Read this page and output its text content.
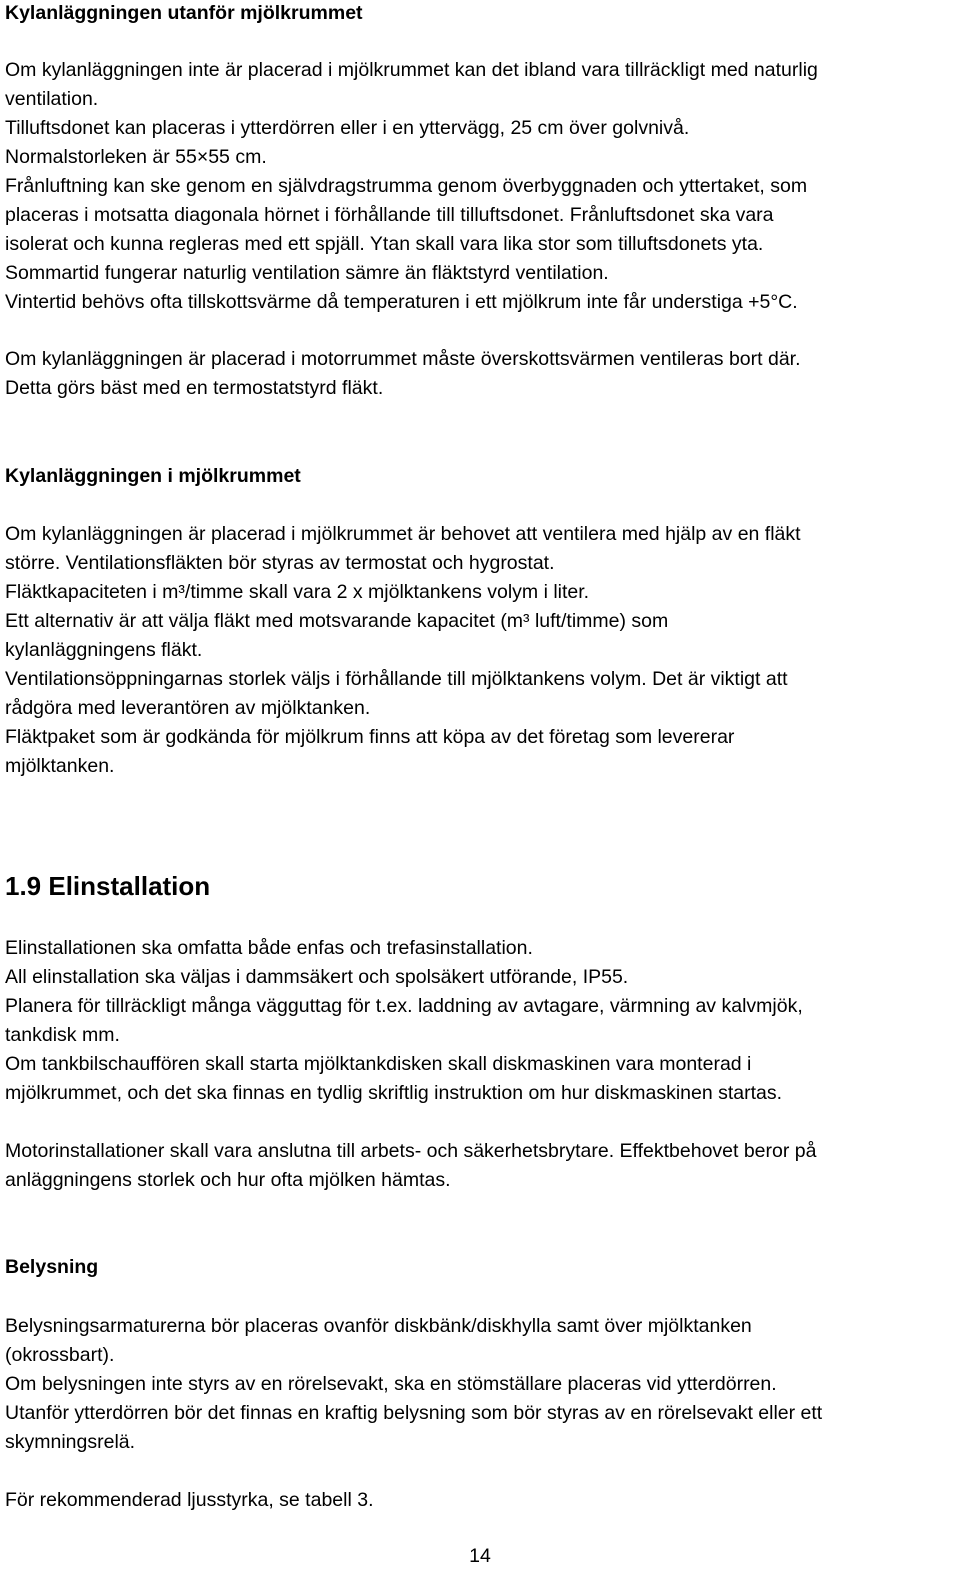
Kylanläggningen utanför mjölkrummet
Om kylanläggningen inte är placerad i mjölkrummet kan det ibland vara tillräckligt med naturlig
ventilation.
Tilluftsdonet kan placeras i ytterdörren eller i en yttervägg, 25 cm över golvnivå.
Normalstorleken är 55×55 cm.
Frånluftning kan ske genom en självdragstrumma genom överbyggnaden och yttertaket, som
placeras i motsatta diagonala hörnet i förhållande till tilluftsdonet. Frånluftsdonet ska vara
isolerat och kunna regleras med ett spjäll. Ytan skall vara lika stor som tilluftsdonets yta.
Sommartid fungerar naturlig ventilation sämre än fläktstyrd ventilation.
Vintertid behövs ofta tillskottsvärme då temperaturen i ett mjölkrum inte får understiga +5°C.
Om kylanläggningen är placerad i motorrummet måste överskottsvärmen ventileras bort där.
Detta görs bäst med en termostatstyrd fläkt.
Kylanläggningen i mjölkrummet
Om kylanläggningen är placerad i mjölkrummet är behovet att ventilera med hjälp av en fläkt
större. Ventilationsfläkten bör styras av termostat och hygrostat.
Fläktkapaciteten i m³/timme skall vara 2 x mjölktankens volym i liter.
Ett alternativ är att välja fläkt med motsvarande kapacitet (m³ luft/timme) som
kylanläggningens fläkt.
Ventilationsöppningarnas storlek väljs i förhållande till mjölktankens volym. Det är viktigt att
rådgöra med leverantören av mjölktanken.
Fläktpaket som är godkända för mjölkrum finns att köpa av det företag som levererar
mjölktanken.
1.9 Elinstallation
Elinstallationen ska omfatta både enfas och trefasinstallation.
All elinstallation ska väljas i dammsäkert och spolsäkert utförande, IP55.
Planera för tillräckligt många vägguttag för t.ex. laddning av avtagare, värmning av kalvmjök,
tankdisk mm.
Om tankbilschauffören skall starta mjölktankdisken skall diskmaskinen vara monterad i
mjölkrummet, och det ska finnas en tydlig skriftlig instruktion om hur diskmaskinen startas.
Motorinstallationer skall vara anslutna till arbets- och säkerhetsbrytare. Effektbehovet beror på
anläggningens storlek och hur ofta mjölken hämtas.
Belysning
Belysningsarmaturerna bör placeras ovanför diskbänk/diskhylla samt över mjölktanken
(okrossbart).
Om belysningen inte styrs av en rörelsevakt, ska en stömställare placeras vid ytterdörren.
Utanför ytterdörren bör det finnas en kraftig belysning som bör styras av en rörelsevakt eller ett
skymningsrelä.
För rekommenderad ljusstyrka, se tabell 3.
14
